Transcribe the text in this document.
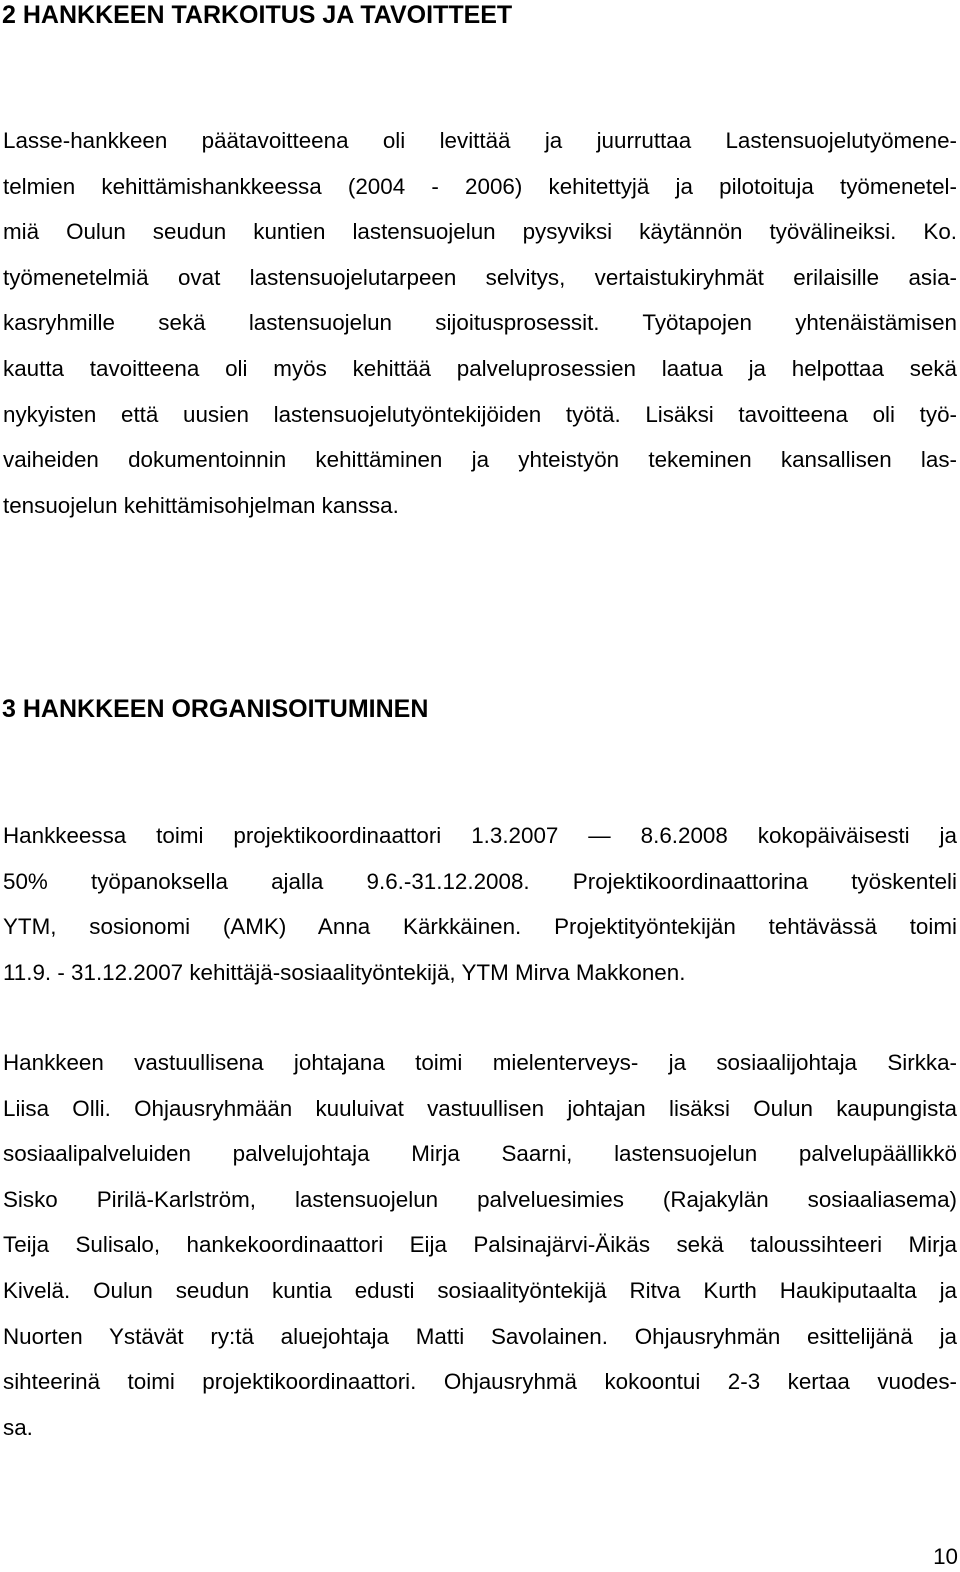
2 HANKKEEN TARKOITUS JA TAVOITTEET

Lasse-hankkeen päätavoitteena oli levittää ja juurruttaa Lastensuojelutyömene-
telmien kehittämishankkeessa (2004 - 2006) kehitettyjä ja pilotoituja työmenetel-
miä Oulun seudun kuntien lastensuojelun pysyviksi käytännön työvälineiksi. Ko.
työmenetelmiä ovat lastensuojelutarpeen selvitys, vertaistukiryhmät erilaisille asia-
kasryhmille sekä lastensuojelun sijoitusprosessit. Työtapojen yhtenäistämisen
kautta tavoitteena oli myös kehittää palveluprosessien laatua ja helpottaa sekä
nykyisten että uusien lastensuojelutyöntekijöiden työtä. Lisäksi tavoitteena oli työ-
vaiheiden dokumentoinnin kehittäminen ja yhteistyön tekeminen kansallisen las-
tensuojelun kehittämisohjelman kanssa.

3 HANKKEEN ORGANISOITUMINEN

Hankkeessa toimi projektikoordinaattori 1.3.2007 — 8.6.2008 kokopäiväisesti ja
50% työpanoksella ajalla 9.6.-31.12.2008. Projektikoordinaattorina työskenteli
YTM, sosionomi (AMK) Anna Kärkkäinen. Projektityöntekijän tehtävässä toimi
11.9. - 31.12.2007 kehittäjä-sosiaalityöntekijä, YTM Mirva Makkonen.

Hankkeen vastuullisena johtajana toimi mielenterveys- ja sosiaalijohtaja Sirkka-
Liisa Olli. Ohjausryhmään kuuluivat vastuullisen johtajan lisäksi Oulun kaupungista
sosiaalipalveluiden palvelujohtaja Mirja Saarni, lastensuojelun palvelupäällikkö
Sisko Pirilä-Karlström, lastensuojelun palveluesimies (Rajakylän sosiaaliasema)
Teija Sulisalo, hankekoordinaattori Eija Palsinajärvi-Äikäs sekä taloussihteeri Mirja
Kivelä. Oulun seudun kuntia edusti sosiaalityöntekijä Ritva Kurth Haukiputaalta ja
Nuorten Ystävät ry:tä aluejohtaja Matti Savolainen. Ohjausryhmän esittelijänä ja
sihteerinä toimi projektikoordinaattori. Ohjausryhmä kokoontui 2-3 kertaa vuodes-
sa.

10
